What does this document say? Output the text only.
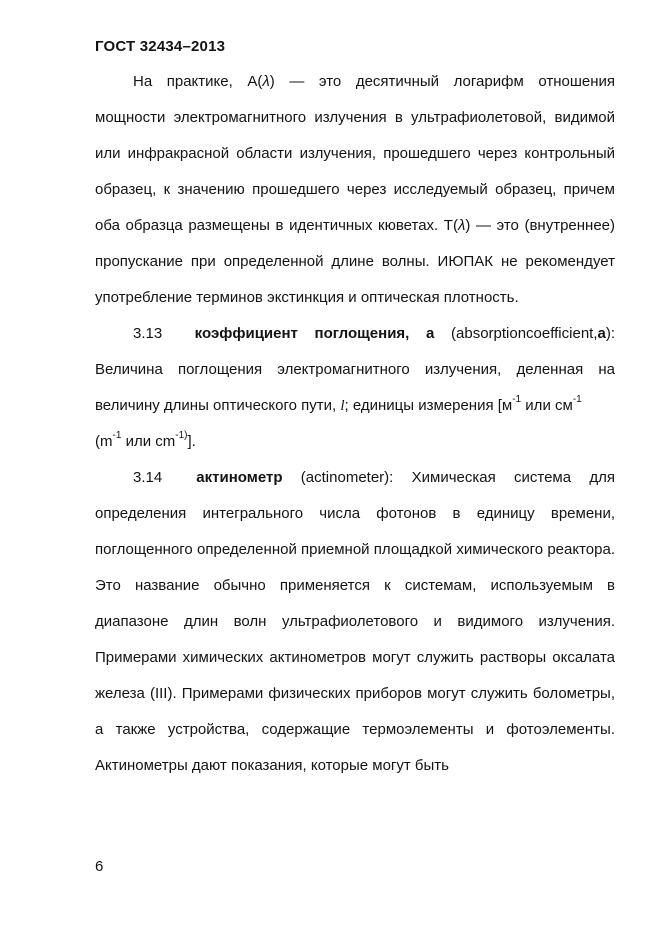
ГОСТ 32434–2013

На практике, A(λ) — это десятичный логарифм отношения мощности электромагнитного излучения в ультрафиолетовой, видимой или инфракрасной области излучения, прошедшего через контрольный образец, к значению прошедшего через исследуемый образец, причем оба образца размещены в идентичных кюветах. T(λ) — это (внутреннее) пропускание при определенной длине волны. ИЮПАК не рекомендует употребление терминов экстинкция и оптическая плотность.

3.13 коэффициент поглощения, а (absorptioncoefficient,a): Величина поглощения электромагнитного излучения, деленная на величину длины оптического пути, l; единицы измерения [$м^{-1}$ или $см^{-1}$
($m^{-1}$ или $cm^{-1)}$].

3.14 актинометр (actinometer): Химическая система для определения интегрального числа фотонов в единицу времени, поглощенного определенной приемной площадкой химического реактора. Это название обычно применяется к системам, используемым в диапазоне длин волн ультрафиолетового и видимого излучения. Примерами химических актинометров могут служить растворы оксалата железа (III). Примерами физических приборов могут служить болометры, а также устройства, содержащие термоэлементы и фотоэлементы. Актинометры дают показания, которые могут быть

6
